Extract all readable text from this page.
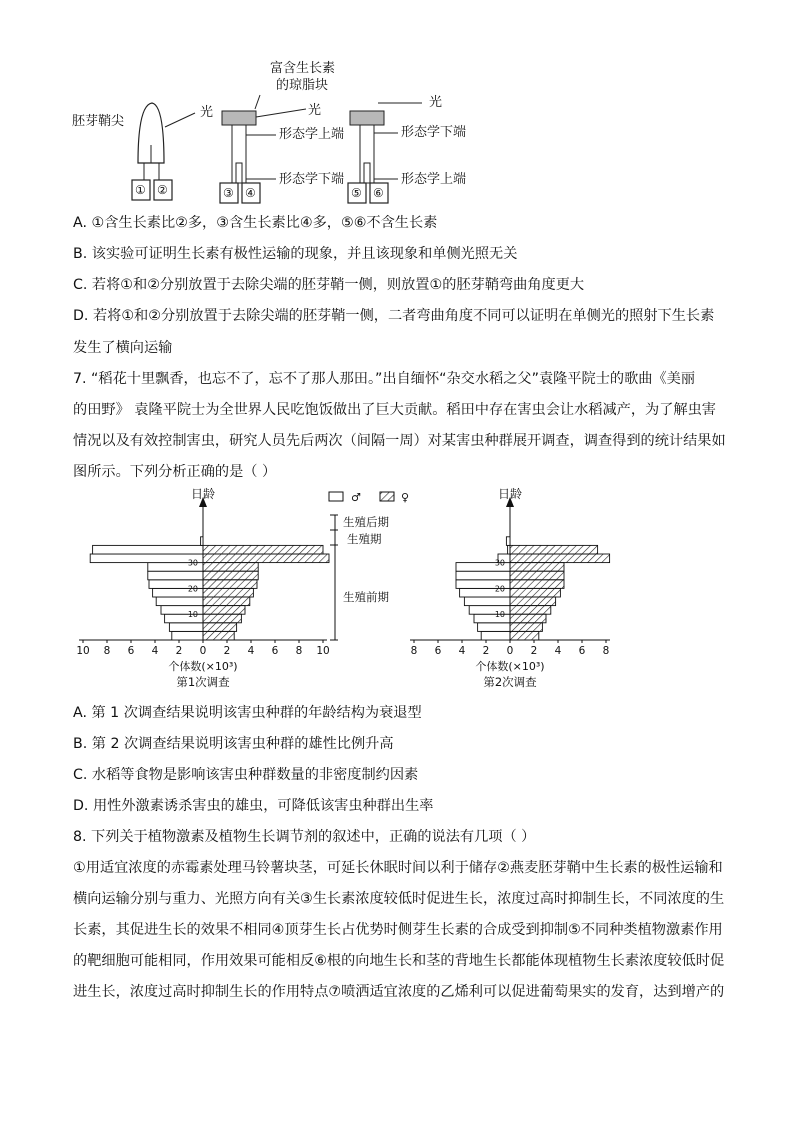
胚芽鞘尖
光
富含生长素
的琼脂块
光
形态学上端
形态学下端
光
形态学下端
形态学上端
① ②	③ ④	⑤ ⑥
A. ①含生长素比②多，③含生长素比④多，⑤⑥不含生长素
B. 该实验可证明生长素有极性运输的现象，并且该现象和单侧光照无关
C. 若将①和②分别放置于去除尖端的胚芽鞘一侧，则放置①的胚芽鞘弯曲角度更大
D. 若将①和②分别放置于去除尖端的胚芽鞘一侧，二者弯曲角度不同可以证明在单侧光的照射下生长素
发生了横向运输
7. “稻花十里飘香，也忘不了，忘不了那人那田。”出自缅怀“杂交水稻之父”袁隆平院士的歌曲《美丽
的田野》 袁隆平院士为全世界人民吃饱饭做出了巨大贡献。稻田中存在害虫会让水稻减产，为了解虫害
情况以及有效控制害虫，研究人员先后两次（间隔一周）对某害虫种群展开调查，调查得到的统计结果如
图所示。下列分析正确的是（ ）
日龄
10
20
30
10 8 6 4 2 0 2 4 6 8 10
个体数(×10³)
第1次调查
日龄
10
20
30
8 6 4 2 0 2 4 6 8
个体数(×10³)
第2次调查
♂	♀
生殖后期
生殖期
生殖前期
A. 第 1 次调查结果说明该害虫种群的年龄结构为衰退型
B. 第 2 次调查结果说明该害虫种群的雄性比例升高
C. 水稻等食物是影响该害虫种群数量的非密度制约因素
D. 用性外激素诱杀害虫的雄虫，可降低该害虫种群出生率
8. 下列关于植物激素及植物生长调节剂的叙述中，正确的说法有几项（ ）
①用适宜浓度的赤霉素处理马铃薯块茎，可延长休眠时间以利于储存②燕麦胚芽鞘中生长素的极性运输和
横向运输分别与重力、光照方向有关③生长素浓度较低时促进生长，浓度过高时抑制生长，不同浓度的生
长素，其促进生长的效果不相同④顶芽生长占优势时侧芽生长素的合成受到抑制⑤不同种类植物激素作用
的靶细胞可能相同，作用效果可能相反⑥根的向地生长和茎的背地生长都能体现植物生长素浓度较低时促
进生长，浓度过高时抑制生长的作用特点⑦喷洒适宜浓度的乙烯利可以促进葡萄果实的发育，达到增产的
